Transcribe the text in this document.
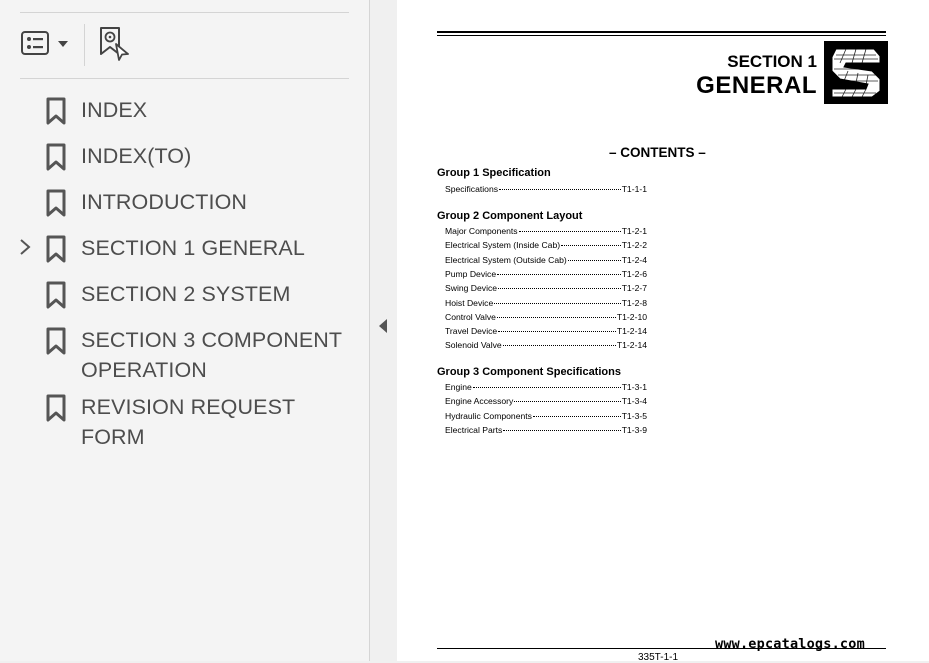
INDEX
INDEX(TO)
INTRODUCTION
SECTION 1 GENERAL
SECTION 2 SYSTEM
SECTION 3 COMPONENT OPERATION
REVISION REQUEST FORM
SECTION 1
GENERAL
– CONTENTS –
Group 1 Specification
Specifications	T1-1-1
Group 2 Component Layout
Major Components	T1-2-1
Electrical System (Inside Cab)	T1-2-2
Electrical System (Outside Cab)	T1-2-4
Pump Device	T1-2-6
Swing Device	T1-2-7
Hoist Device	T1-2-8
Control Valve	T1-2-10
Travel Device	T1-2-14
Solenoid Valve	T1-2-14
Group 3 Component Specifications
Engine	T1-3-1
Engine Accessory	T1-3-4
Hydraulic Components	T1-3-5
Electrical Parts	T1-3-9
www.epcatalogs.com
335T-1-1
